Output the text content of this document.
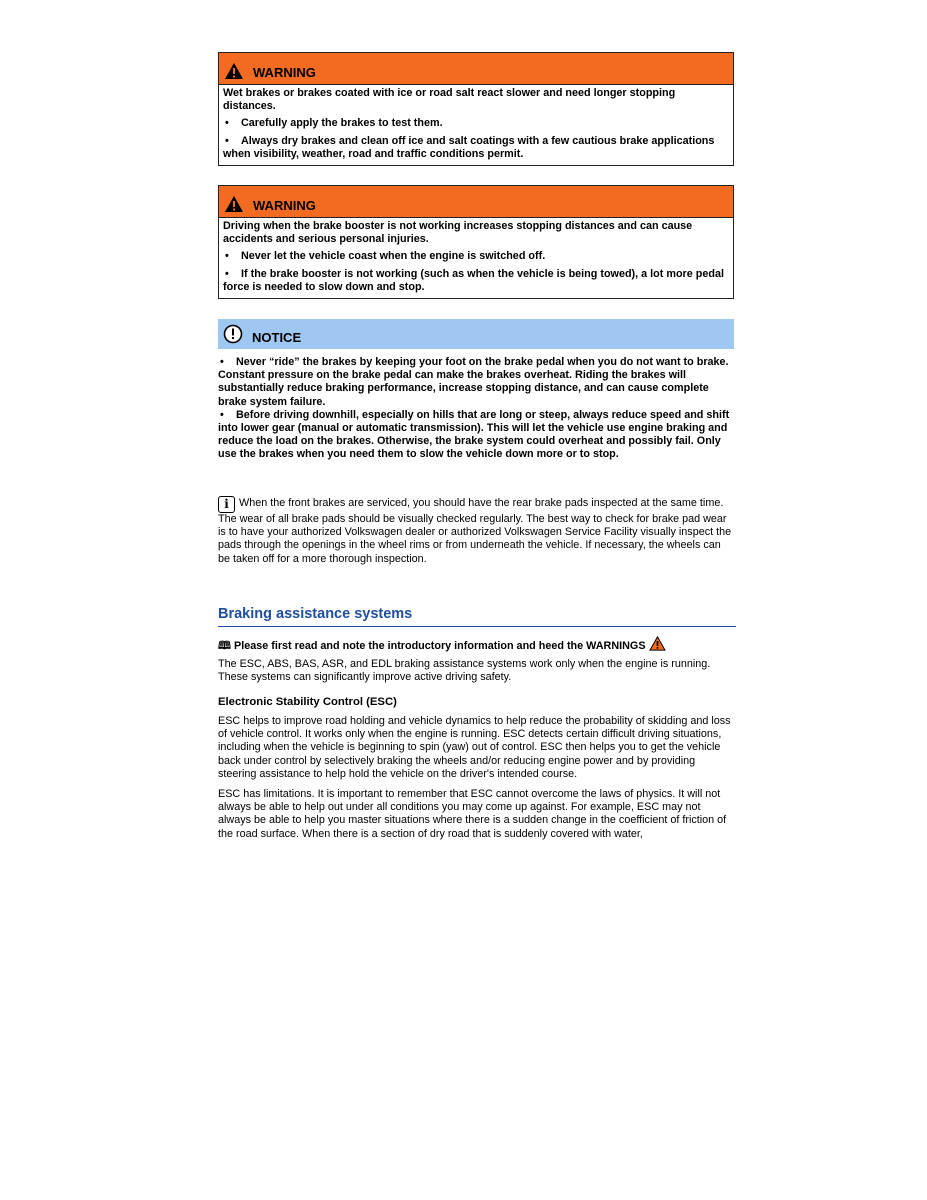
WARNING

Wet brakes or brakes coated with ice or road salt react slower and need longer stopping distances.

• Carefully apply the brakes to test them.

• Always dry brakes and clean off ice and salt coatings with a few cautious brake applications when visibility, weather, road and traffic conditions permit.

WARNING

Driving when the brake booster is not working increases stopping distances and can cause accidents and serious personal injuries.

• Never let the vehicle coast when the engine is switched off.

• If the brake booster is not working (such as when the vehicle is being towed), a lot more pedal force is needed to slow down and stop.

NOTICE

• Never “ride” the brakes by keeping your foot on the brake pedal when you do not want to brake. Constant pressure on the brake pedal can make the brakes overheat. Riding the brakes will substantially reduce braking performance, increase stopping distance, and can cause complete brake system failure.

• Before driving downhill, especially on hills that are long or steep, always reduce speed and shift into lower gear (manual or automatic transmission). This will let the vehicle use engine braking and reduce the load on the brakes. Otherwise, the brake system could overheat and possibly fail. Only use the brakes when you need them to slow the vehicle down more or to stop.

i When the front brakes are serviced, you should have the rear brake pads inspected at the same time. The wear of all brake pads should be visually checked regularly. The best way to check for brake pad wear is to have your authorized Volkswagen dealer or authorized Volkswagen Service Facility visually inspect the pads through the openings in the wheel rims or from underneath the vehicle. If necessary, the wheels can be taken off for a more thorough inspection.

Braking assistance systems
🕮 Please first read and note the introductory information and heed the WARNINGS
The ESC, ABS, BAS, ASR, and EDL braking assistance systems work only when the engine is running. These systems can significantly improve active driving safety.
Electronic Stability Control (ESC)
ESC helps to improve road holding and vehicle dynamics to help reduce the probability of skidding and loss of vehicle control. It works only when the engine is running. ESC detects certain difficult driving situations, including when the vehicle is beginning to spin (yaw) out of control. ESC then helps you to get the vehicle back under control by selectively braking the wheels and/or reducing engine power and by providing steering assistance to help hold the vehicle on the driver's intended course.
ESC has limitations. It is important to remember that ESC cannot overcome the laws of physics. It will not always be able to help out under all conditions you may come up against. For example, ESC may not always be able to help you master situations where there is a sudden change in the coefficient of friction of the road surface. When there is a section of dry road that is suddenly covered with water,
